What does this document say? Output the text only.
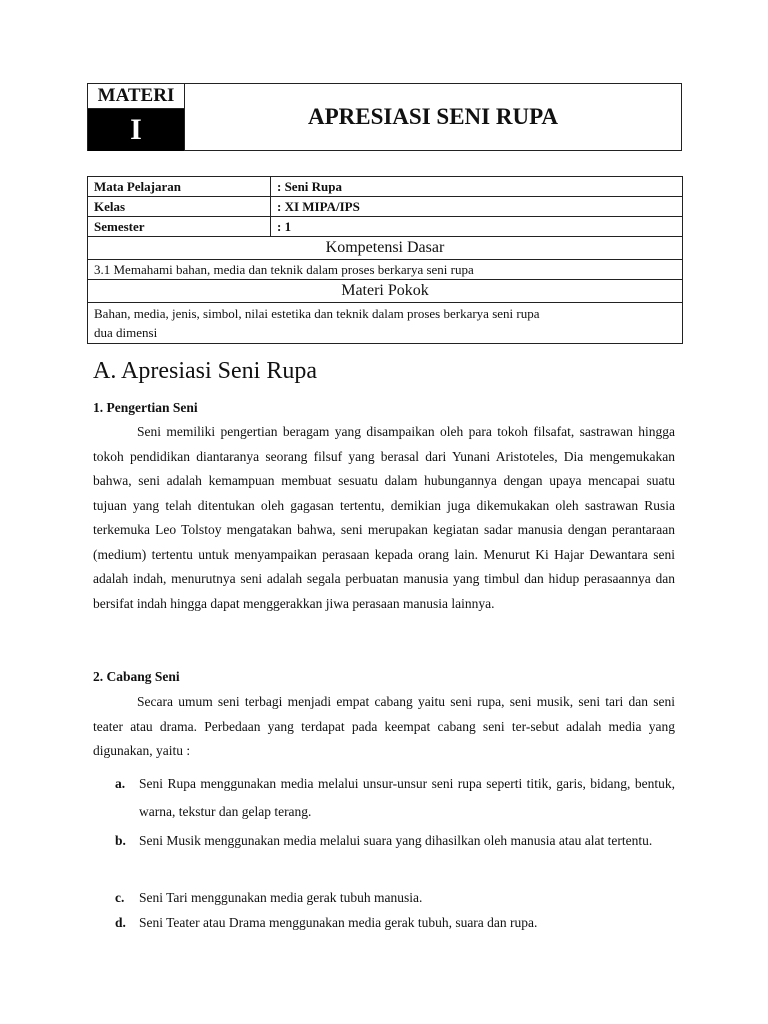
MATERI
I	APRESIASI SENI RUPA
Mata Pelajaran	: Seni Rupa
Kelas	: XI MIPA/IPS
Semester	: 1
Kompetensi Dasar	
3.1 Memahami bahan, media dan teknik dalam proses berkarya seni rupa	
Materi Pokok	

Bahan, media, jenis, simbol, nilai estetika dan teknik dalam proses berkarya seni rupa
dua dimensi	
A. Apresiasi Seni Rupa
1. Pengertian Seni

Seni memiliki pengertian beragam yang disampaikan oleh para tokoh filsafat, sastrawan hingga tokoh pendidikan diantaranya seorang filsuf yang berasal dari Yunani Aristoteles, Dia mengemukakan bahwa, seni adalah kemampuan membuat sesuatu dalam hubungannya dengan upaya mencapai suatu tujuan yang telah ditentukan oleh gagasan tertentu, demikian juga dikemukakan oleh sastrawan Rusia terkemuka Leo Tolstoy mengatakan bahwa, seni merupakan kegiatan sadar manusia dengan perantaraan (medium) tertentu untuk menyampaikan perasaan kepada orang lain. Menurut Ki Hajar Dewantara seni adalah indah, menurutnya seni adalah segala perbuatan manusia yang timbul dan hidup perasaannya dan bersifat indah hingga dapat menggerakkan jiwa perasaan manusia lainnya.

2. Cabang Seni

Secara umum seni terbagi menjadi empat cabang yaitu seni rupa, seni musik, seni tari dan seni teater atau drama. Perbedaan yang terdapat pada keempat cabang seni ter-sebut adalah media yang digunakan, yaitu :

a. Seni Rupa menggunakan media melalui unsur-unsur seni rupa seperti titik, garis, bidang, bentuk, warna, tekstur dan gelap terang.
b. Seni Musik menggunakan media melalui suara yang dihasilkan oleh manusia atau alat tertentu.
c. Seni Tari menggunakan media gerak tubuh manusia.
d. Seni Teater atau Drama menggunakan media gerak tubuh, suara dan rupa.
